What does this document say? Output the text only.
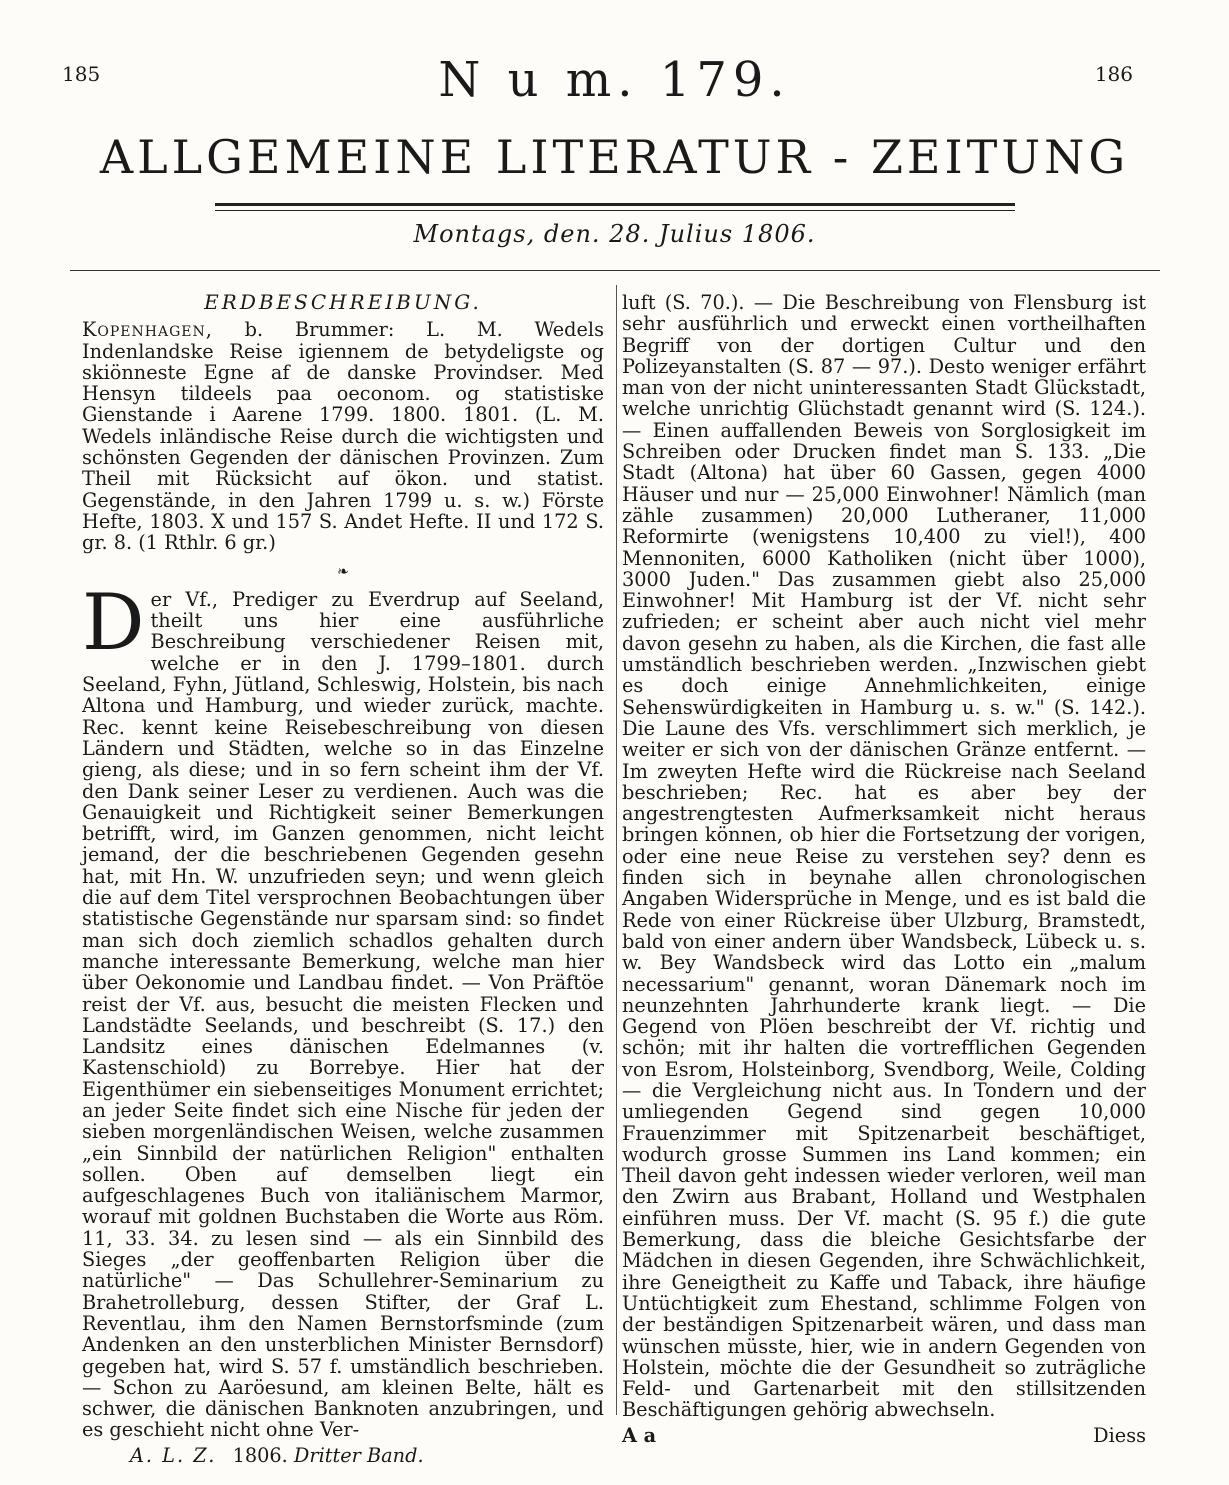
185	186
N u m. 179.
ALLGEMEINE LITERATUR - ZEITUNG
Montags, den. 28. Julius 1806.
ERDBESCHREIBUNG.

Kopenhagen, b. Brummer: L. M. Wedels Indenlandske Reise igiennem de betydeligste og skiönneste Egne af de danske Provindser. Med Hensyn tildeels paa oeconom. og statistiske Gienstande i Aarene 1799. 1800. 1801. (L. M. Wedels inländische Reise durch die wichtigsten und schönsten Gegenden der dänischen Provinzen. Zum Theil mit Rücksicht auf ökon. und statist. Gegenstände, in den Jahren 1799 u. s. w.) Förste Hefte, 1803. X und 157 S. Andet Hefte. II und 172 S. gr. 8. (1 Rthlr. 6 gr.)

❧

Der Vf., Prediger zu Everdrup auf Seeland, theilt uns hier eine ausführliche Beschreibung verschiedener Reisen mit, welche er in den J. 1799–1801. durch Seeland, Fyhn, Jütland, Schleswig, Holstein, bis nach Altona und Hamburg, und wieder zurück, machte. Rec. kennt keine Reisebeschreibung von diesen Ländern und Städten, welche so in das Einzelne gieng, als diese; und in so fern scheint ihm der Vf. den Dank seiner Leser zu verdienen. Auch was die Genauigkeit und Richtigkeit seiner Bemerkungen betrifft, wird, im Ganzen genommen, nicht leicht jemand, der die beschriebenen Gegenden gesehn hat, mit Hn. W. unzufrieden seyn; und wenn gleich die auf dem Titel versprochnen Beobachtungen über statistische Gegenstände nur sparsam sind: so findet man sich doch ziemlich schadlos gehalten durch manche interessante Bemerkung, welche man hier über Oekonomie und Landbau findet. — Von Präftöe reist der Vf. aus, besucht die meisten Flecken und Landstädte Seelands, und beschreibt (S. 17.) den Landsitz eines dänischen Edelmannes (v. Kastenschiold) zu Borrebye. Hier hat der Eigenthümer ein siebenseitiges Monument errichtet; an jeder Seite findet sich eine Nische für jeden der sieben morgenländischen Weisen, welche zusammen „ein Sinnbild der natürlichen Religion" enthalten sollen. Oben auf demselben liegt ein aufgeschlagenes Buch von italiänischem Marmor, worauf mit goldnen Buchstaben die Worte aus Röm. 11, 33. 34. zu lesen sind — als ein Sinnbild des Sieges „der geoffenbarten Religion über die natürliche" — Das Schullehrer-Seminarium zu Brahetrolleburg, dessen Stifter, der Graf L. Reventlau, ihm den Namen Bernstorfsminde (zum Andenken an den unsterblichen Minister Bernsdorf) gegeben hat, wird S. 57 f. umständlich beschrieben. — Schon zu Aaröesund, am kleinen Belte, hält es schwer, die dänischen Banknoten anzubringen, und es geschieht nicht ohne Ver-

A. L. Z. 1806. Dritter Band.

luft (S. 70.). — Die Beschreibung von Flensburg ist sehr ausführlich und erweckt einen vortheilhaften Begriff von der dortigen Cultur und den Polizeyanstalten (S. 87 — 97.). Desto weniger erfährt man von der nicht uninteressanten Stadt Glückstadt, welche unrichtig Glüchstadt genannt wird (S. 124.). — Einen auffallenden Beweis von Sorglosigkeit im Schreiben oder Drucken findet man S. 133. „Die Stadt (Altona) hat über 60 Gassen, gegen 4000 Häuser und nur — 25,000 Einwohner! Nämlich (man zähle zusammen) 20,000 Lutheraner, 11,000 Reformirte (wenigstens 10,400 zu viel!), 400 Mennoniten, 6000 Katholiken (nicht über 1000), 3000 Juden." Das zusammen giebt also 25,000 Einwohner! Mit Hamburg ist der Vf. nicht sehr zufrieden; er scheint aber auch nicht viel mehr davon gesehn zu haben, als die Kirchen, die fast alle umständlich beschrieben werden. „Inzwischen giebt es doch einige Annehmlichkeiten, einige Sehenswürdigkeiten in Hamburg u. s. w." (S. 142.). Die Laune des Vfs. verschlimmert sich merklich, je weiter er sich von der dänischen Gränze entfernt. — Im zweyten Hefte wird die Rückreise nach Seeland beschrieben; Rec. hat es aber bey der angestrengtesten Aufmerksamkeit nicht heraus bringen können, ob hier die Fortsetzung der vorigen, oder eine neue Reise zu verstehen sey? denn es finden sich in beynahe allen chronologischen Angaben Widersprüche in Menge, und es ist bald die Rede von einer Rückreise über Ulzburg, Bramstedt, bald von einer andern über Wandsbeck, Lübeck u. s. w. Bey Wandsbeck wird das Lotto ein „malum necessarium" genannt, woran Dänemark noch im neunzehnten Jahrhunderte krank liegt. — Die Gegend von Plöen beschreibt der Vf. richtig und schön; mit ihr halten die vortrefflichen Gegenden von Esrom, Holsteinborg, Svendborg, Weile, Colding — die Vergleichung nicht aus. In Tondern und der umliegenden Gegend sind gegen 10,000 Frauenzimmer mit Spitzenarbeit beschäftiget, wodurch grosse Summen ins Land kommen; ein Theil davon geht indessen wieder verloren, weil man den Zwirn aus Brabant, Holland und Westphalen einführen muss. Der Vf. macht (S. 95 f.) die gute Bemerkung, dass die bleiche Gesichtsfarbe der Mädchen in diesen Gegenden, ihre Schwächlichkeit, ihre Geneigtheit zu Kaffe und Taback, ihre häufige Untüchtigkeit zum Ehestand, schlimme Folgen von der beständigen Spitzenarbeit wären, und dass man wünschen müsste, hier, wie in andern Gegenden von Holstein, möchte die der Gesundheit so zuträgliche Feld- und Gartenarbeit mit den stillsitzenden Beschäftigungen gehörig abwechseln.

A a	Diess
